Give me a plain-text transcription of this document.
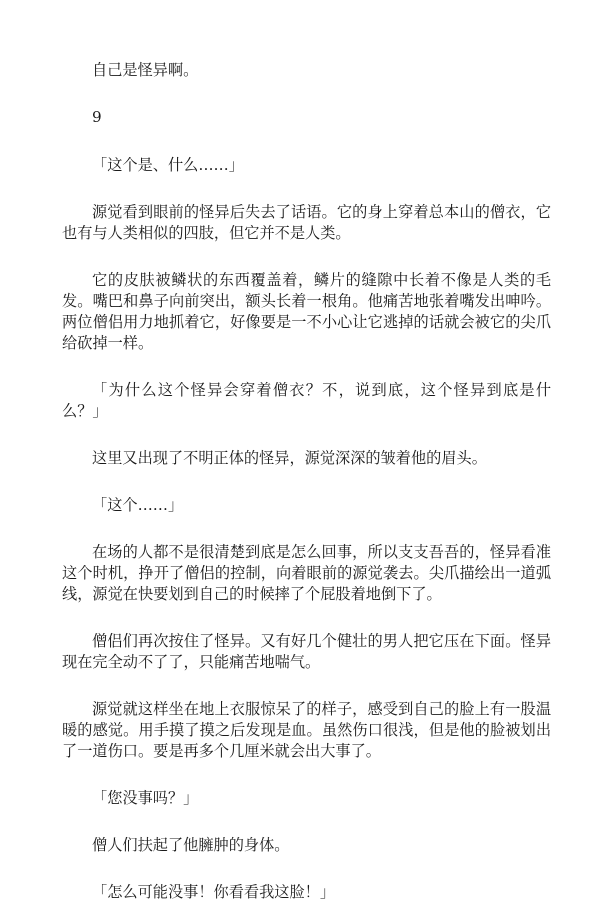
自己是怪异啊。

9

「这个是、什么……」

源觉看到眼前的怪异后失去了话语。它的身上穿着总本山的僧衣，它也有与人类相似的四肢，但它并不是人类。

它的皮肤被鳞状的东西覆盖着，鳞片的缝隙中长着不像是人类的毛发。嘴巴和鼻子向前突出，额头长着一根角。他痛苦地张着嘴发出呻吟。两位僧侣用力地抓着它，好像要是一不小心让它逃掉的话就会被它的尖爪给砍掉一样。

「为什么这个怪异会穿着僧衣？不，说到底，这个怪异到底是什么？」

这里又出现了不明正体的怪异，源觉深深的皱着他的眉头。

「这个……」

在场的人都不是很清楚到底是怎么回事，所以支支吾吾的，怪异看准这个时机，挣开了僧侣的控制，向着眼前的源觉袭去。尖爪描绘出一道弧线，源觉在快要划到自己的时候摔了个屁股着地倒下了。

僧侣们再次按住了怪异。又有好几个健壮的男人把它压在下面。怪异现在完全动不了了，只能痛苦地喘气。

源觉就这样坐在地上衣服惊呆了的样子，感受到自己的脸上有一股温暖的感觉。用手摸了摸之后发现是血。虽然伤口很浅，但是他的脸被划出了一道伤口。要是再多个几厘米就会出大事了。

「您没事吗？」

僧人们扶起了他臃肿的身体。

「怎么可能没事！你看看我这脸！」
